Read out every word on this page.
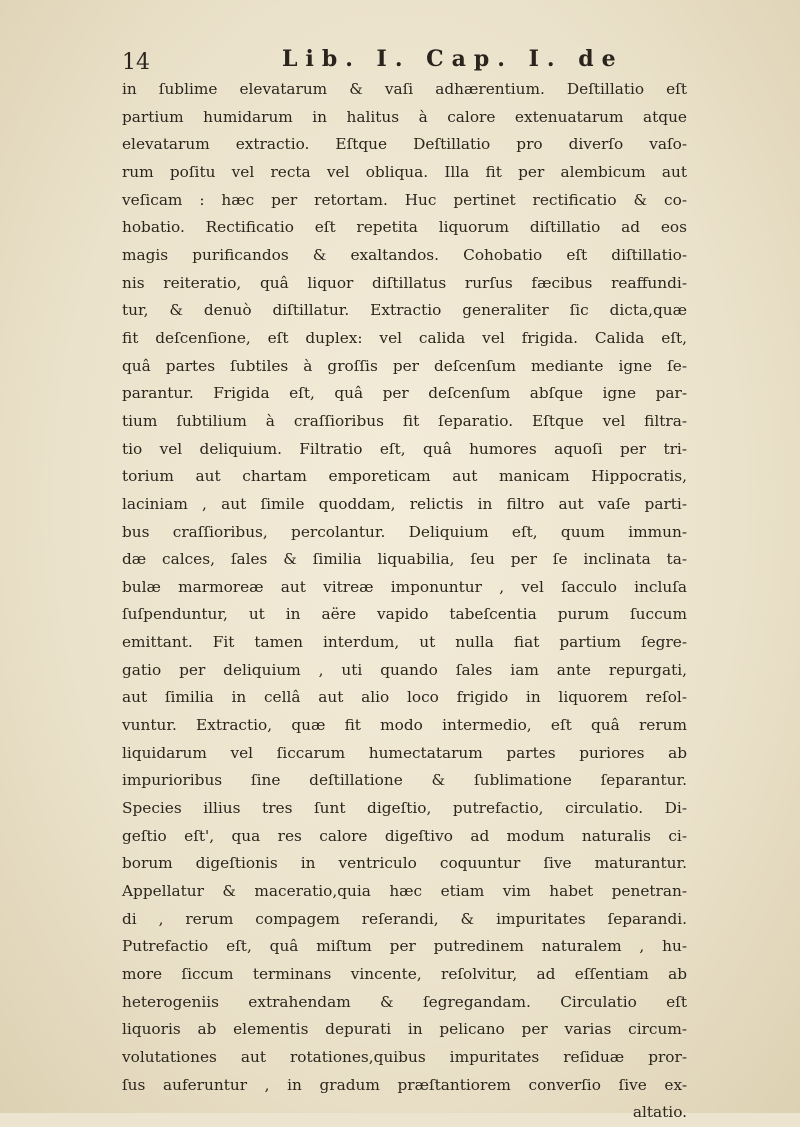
14	Lib. I. Cap. I. de
in ſublime elevatarum & vaſi adhærentium. Deſtillatio eſt
partium humidarum in halitus à calore extenuatarum atque
elevatarum extractio. Eſtque Deſtillatio pro diverſo vaſo-
rum poſitu vel recta vel obliqua. Illa fit per alembicum aut
veſicam : hæc per retortam. Huc pertinet rectificatio & co-
hobatio. Rectificatio eſt repetita liquorum diſtillatio ad eos
magis purificandos & exaltandos. Cohobatio eſt diſtillatio-
nis reiteratio, quâ liquor diſtillatus rurſus fæcibus reaffundi-
tur, & denuò diſtillatur. Extractio generaliter ſic dicta,quæ
fit deſcenſione, eſt duplex: vel calida vel frigida. Calida eſt,
quâ partes ſubtiles à groſſis per deſcenſum mediante igne ſe-
parantur. Frigida eſt, quâ per deſcenſum abſque igne par-
tium ſubtilium à craſſioribus fit ſeparatio. Eſtque vel filtra-
tio vel deliquium. Filtratio eſt, quâ humores aquoſi per tri-
torium aut chartam emporeticam aut manicam Hippocratis,
laciniam , aut ſimile quoddam, relictis in filtro aut vaſe parti-
bus craſſioribus, percolantur. Deliquium eſt, quum immun-
dæ calces, ſales & ſimilia liquabilia, ſeu per ſe inclinata ta-
bulæ marmoreæ aut vitreæ imponuntur , vel ſacculo incluſa
ſuſpenduntur, ut in aëre vapido tabeſcentia purum ſuccum
emittant. Fit tamen interdum, ut nulla fiat partium ſegre-
gatio per deliquium , uti quando ſales iam ante repurgati,
aut ſimilia in cellâ aut alio loco frigido in liquorem reſol-
vuntur. Extractio, quæ fit modo intermedio, eſt quâ rerum
liquidarum vel ſiccarum humectatarum partes puriores ab
impurioribus ſine deſtillatione & ſublimatione ſeparantur.
Species illius tres ſunt digeſtio, putrefactio, circulatio. Di-
geſtio eſt', qua res calore digeſtivo ad modum naturalis ci-
borum digeſtionis in ventriculo coquuntur ſive maturantur.
Appellatur & maceratio,quia hæc etiam vim habet penetran-
di , rerum compagem reſerandi, & impuritates ſeparandi.
Putrefactio eſt, quâ miſtum per putredinem naturalem , hu-
more ſiccum terminans vincente, reſolvitur, ad eſſentiam ab
heterogeniis extrahendam & ſegregandam. Circulatio eſt
liquoris ab elementis depurati in pelicano per varias circum-
volutationes aut rotationes,quibus impuritates reſiduæ pror-
ſus auferuntur , in gradum præſtantiorem converſio ſive ex-
altatio.
